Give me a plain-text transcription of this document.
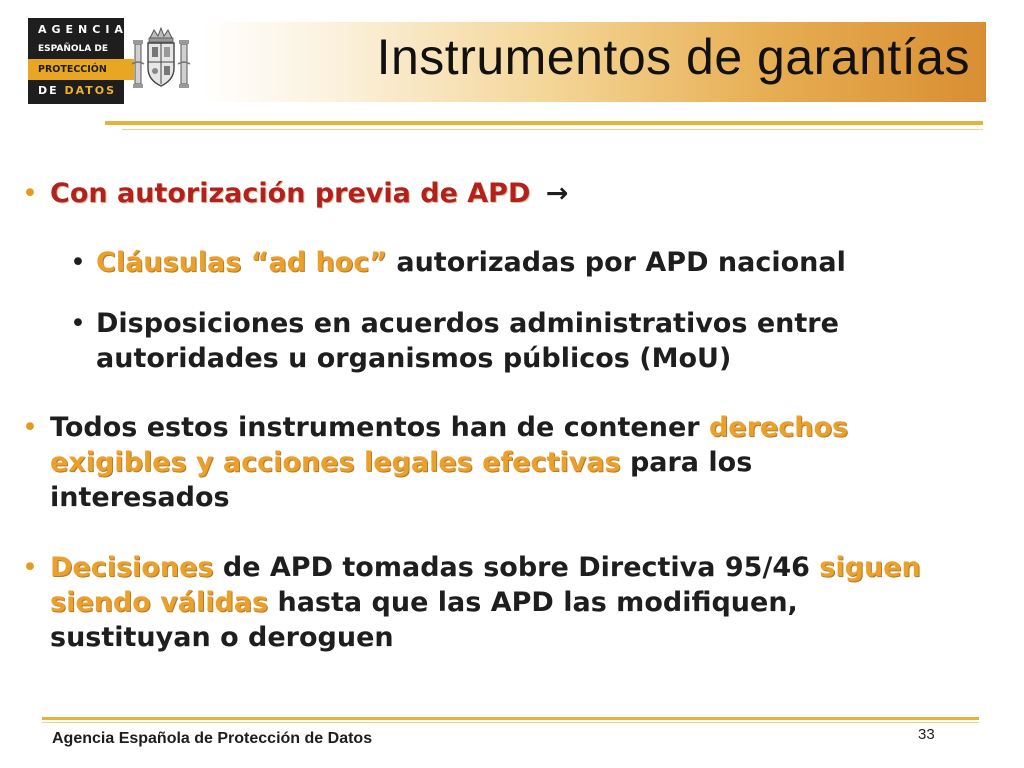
AGENCIA
ESPAÑOLA DE
PROTECCIÓN
DE DATOS
Instrumentos de garantías
• Con autorización previa de APD →
• Cláusulas “ad hoc” autorizadas por APD nacional
• Disposiciones en acuerdos administrativos entre
autoridades u organismos públicos (MoU)
• Todos estos instrumentos han de contener derechos
exigibles y acciones legales efectivas para los
interesados
• Decisiones de APD tomadas sobre Directiva 95/46 siguen
siendo válidas hasta que las APD las modifiquen,
sustituyan o deroguen
Agencia Española de Protección de Datos	33
